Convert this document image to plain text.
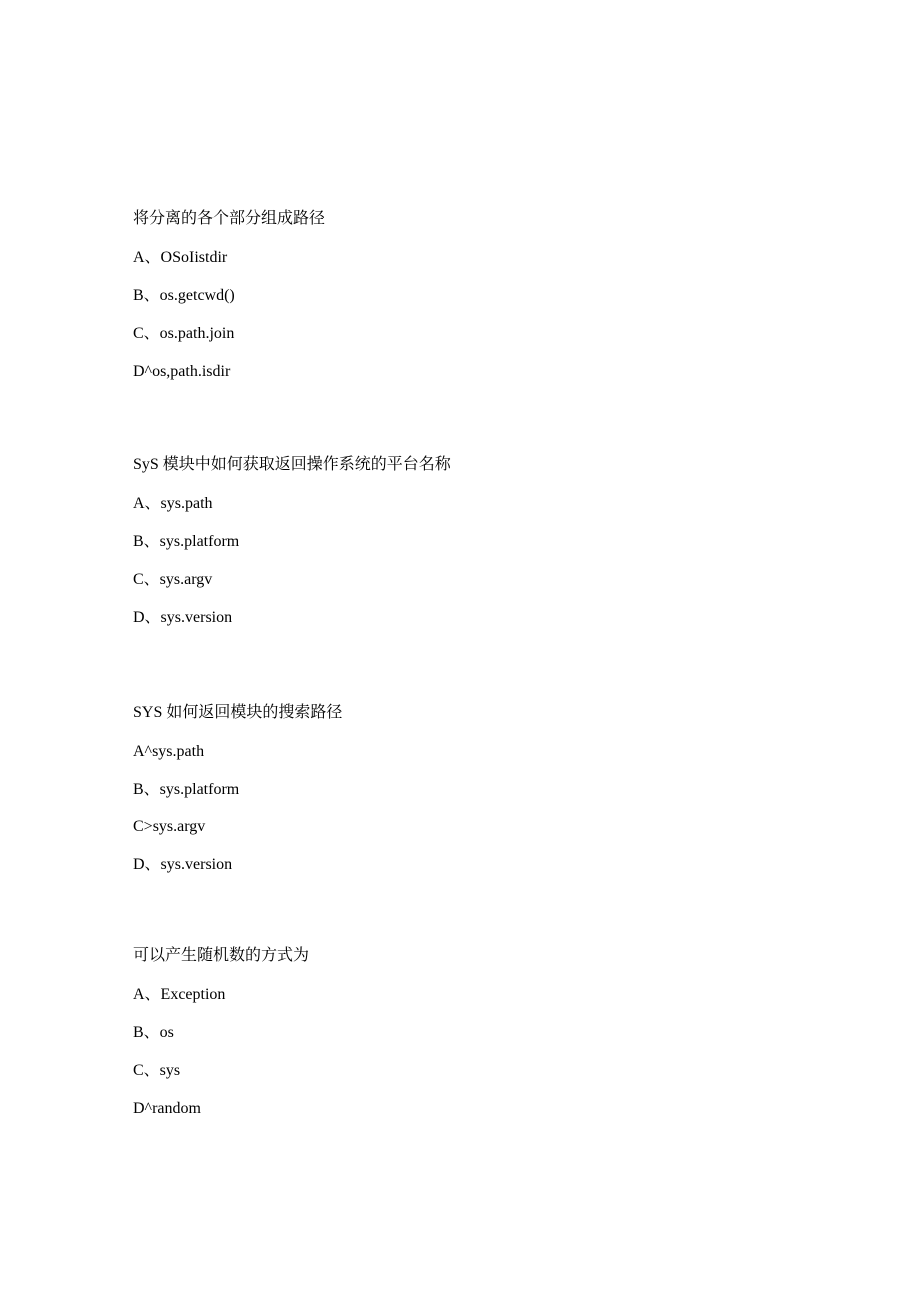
将分离的各个部分组成路径
A、OSoIistdir
B、os.getcwd()
C、os.path.join
D^os,path.isdir
SyS 模块中如何获取返回操作系统的平台名称
A、sys.path
B、sys.platform
C、sys.argv
D、sys.version
SYS 如何返回模块的搜索路径
A^sys.path
B、sys.platform
C>sys.argv
D、sys.version
可以产生随机数的方式为
A、Exception
B、os
C、sys
D^random
